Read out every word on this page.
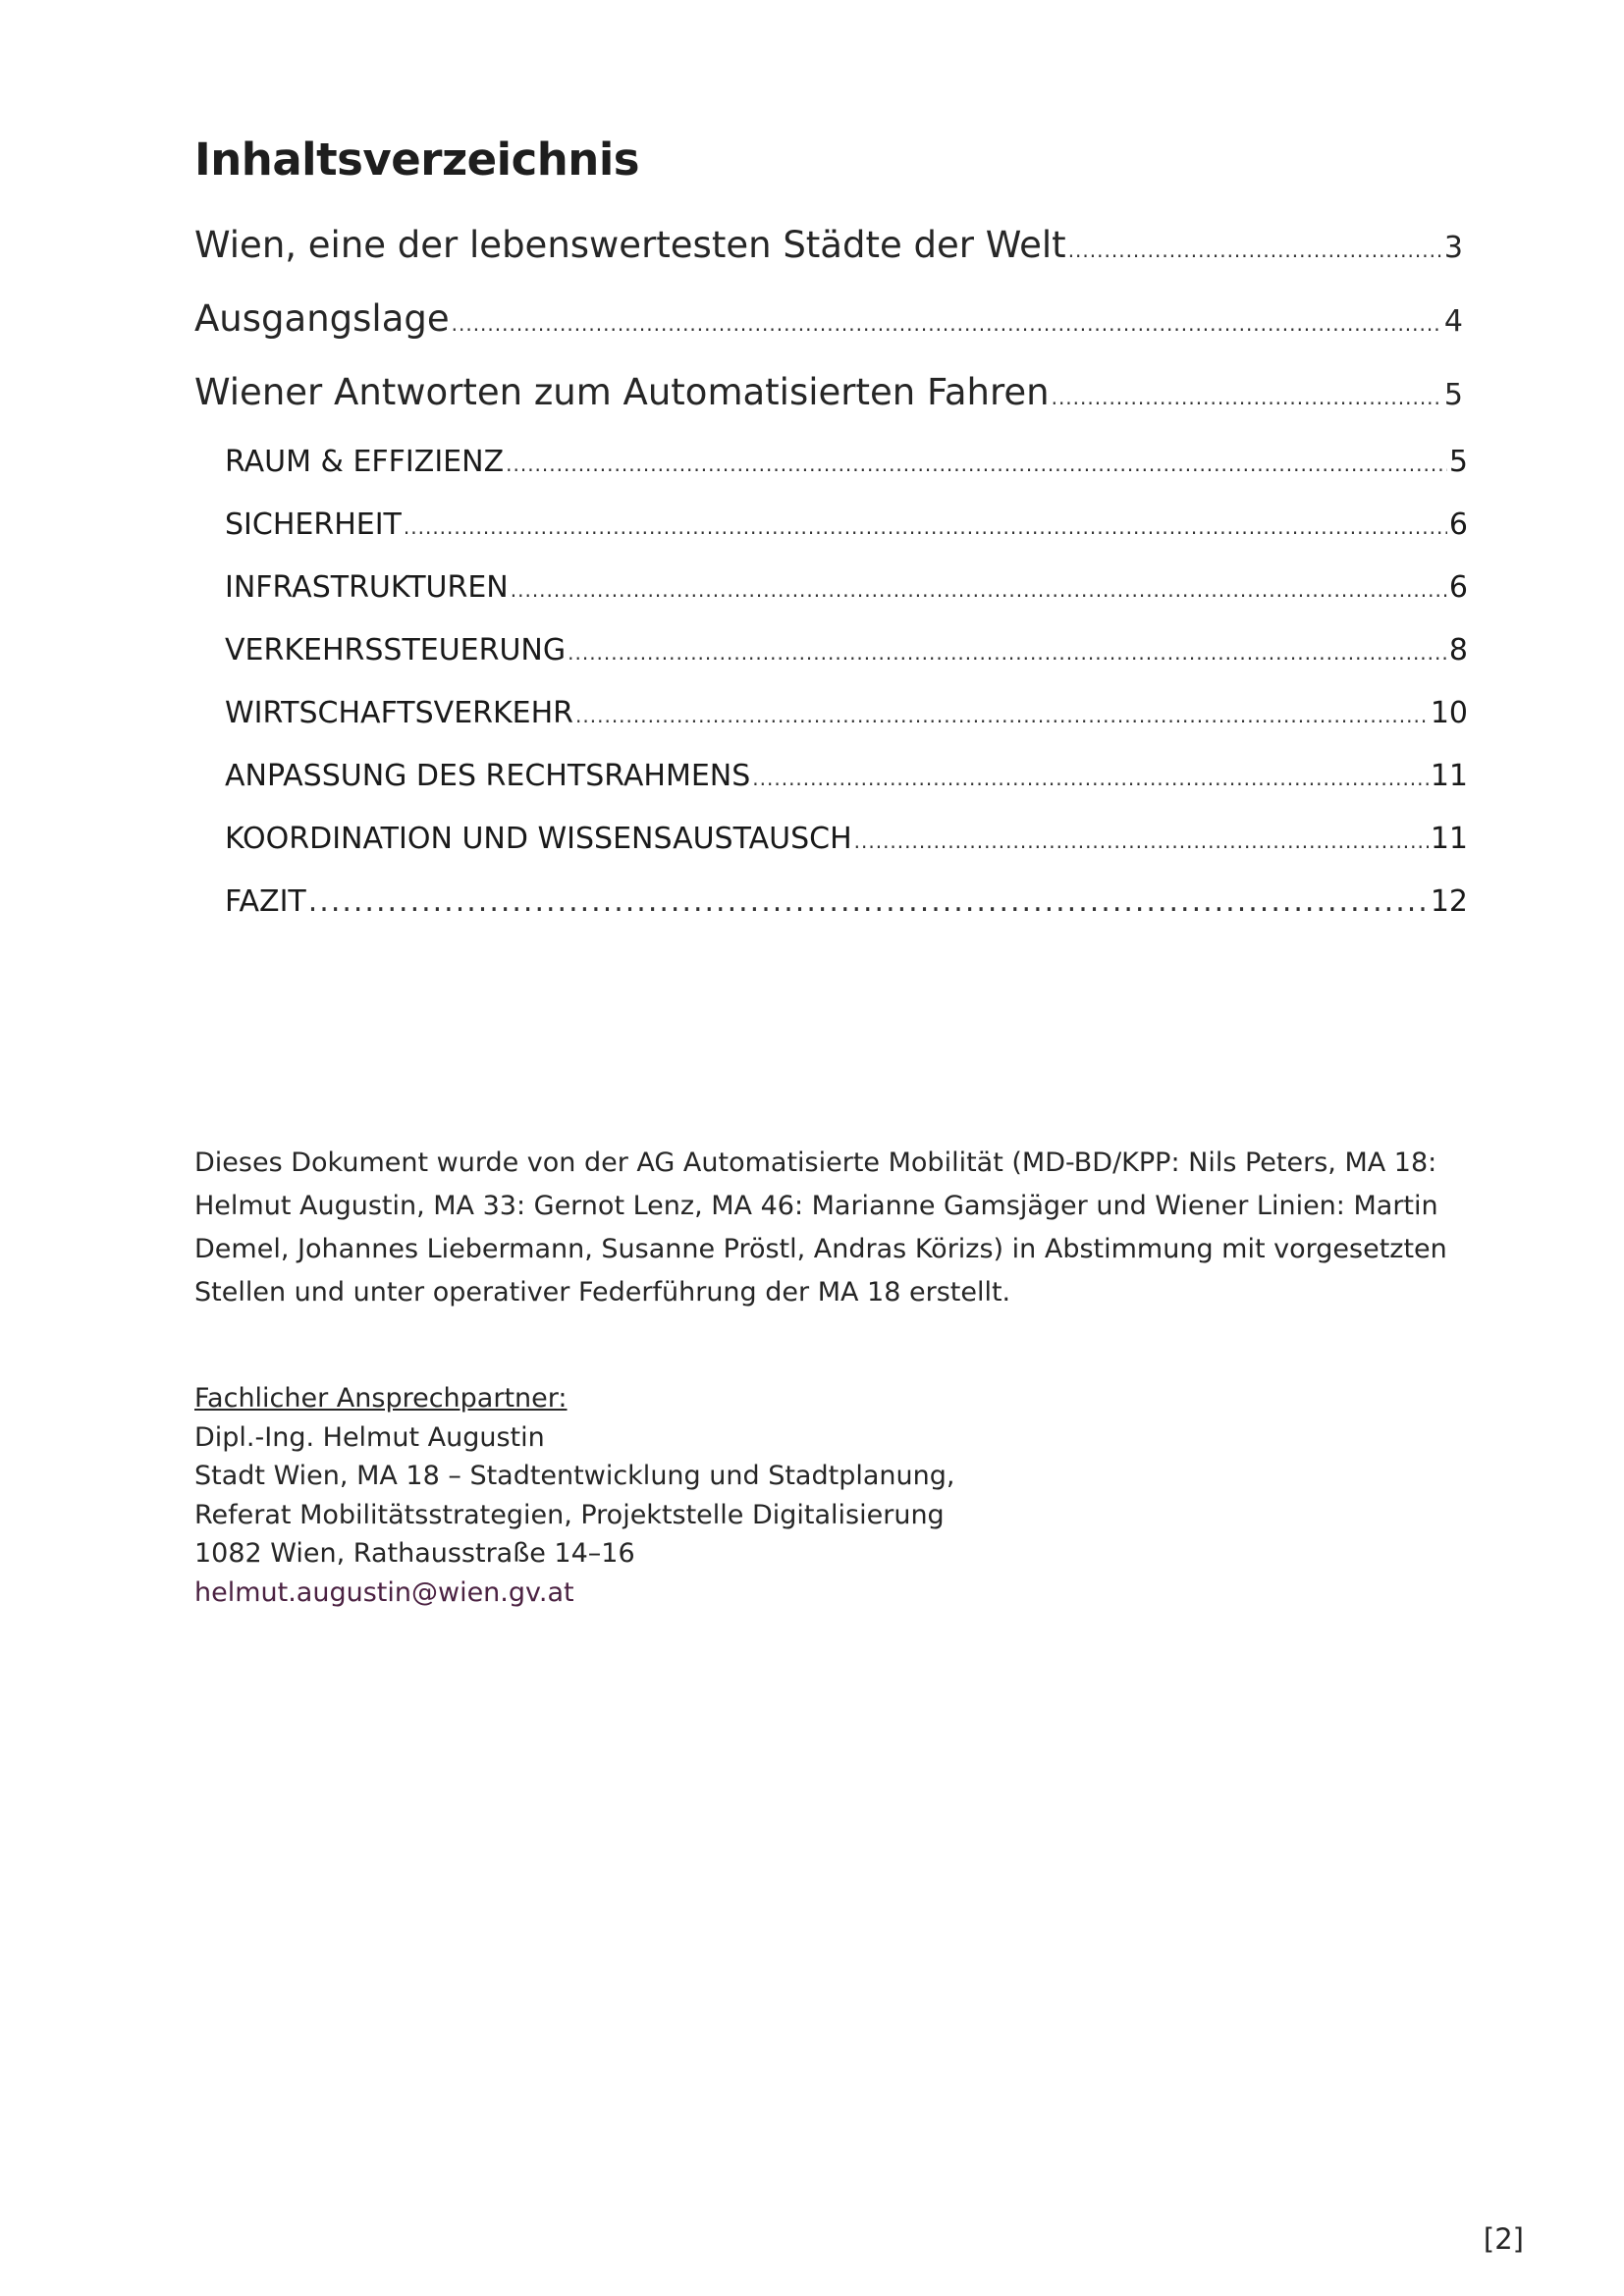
Inhaltsverzeichnis
Wien, eine der lebenswertesten Städte der Welt .....	3
Ausgangslage .....	4
Wiener Antworten zum Automatisierten Fahren .....	5
RAUM & EFFIZIENZ .....	5
SICHERHEIT .....	6
INFRASTRUKTUREN .....	6
VERKEHRSSTEUERUNG .....	8
WIRTSCHAFTSVERKEHR .....	10
ANPASSUNG DES RECHTSRAHMENS .....	11
KOORDINATION UND WISSENSAUSTAUSCH .....	11
FAZIT .....	12

Dieses Dokument wurde von der AG Automatisierte Mobilität (MD-BD/KPP: Nils Peters, MA 18: Helmut Augustin, MA 33: Gernot Lenz, MA 46: Marianne Gamsjäger und Wiener Linien: Martin Demel, Johannes Liebermann, Susanne Pröstl, Andras Körizs) in Abstimmung mit vorgesetzten Stellen und unter operativer Federführung der MA 18 erstellt.

Fachlicher Ansprechpartner:
Dipl.-Ing. Helmut Augustin
Stadt Wien, MA 18 – Stadtentwicklung und Stadtplanung,
Referat Mobilitätsstrategien, Projektstelle Digitalisierung
1082 Wien, Rathausstraße 14–16
helmut.augustin@wien.gv.at
[2]
